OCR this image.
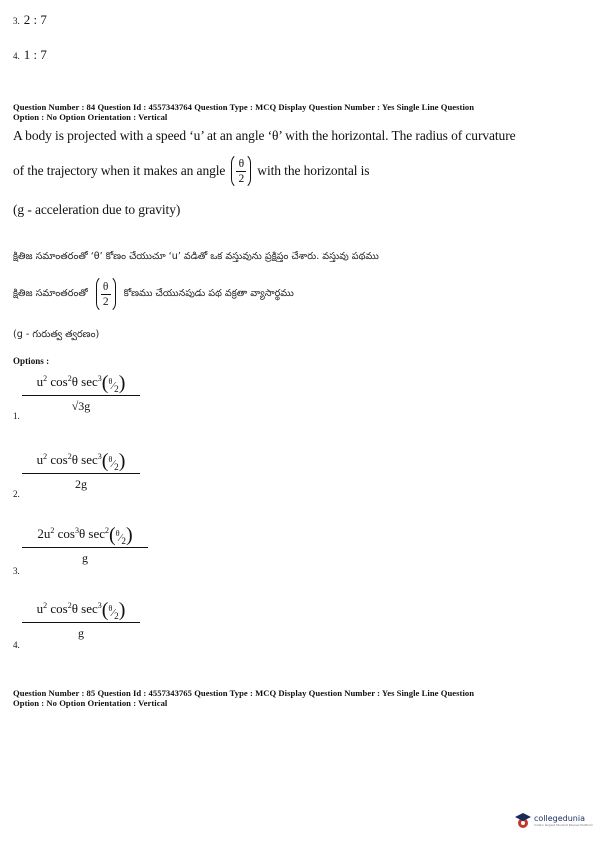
3. 2 : 7
4. 1 : 7
Question Number : 84 Question Id : 4557343764 Question Type : MCQ Display Question Number : Yes Single Line Question
Option : No Option Orientation : Vertical
A body is projected with a speed ‘u’ at an angle ‘θ’ with the horizontal. The radius of curvature
of the trajectory when it makes an angle $\frac{\theta}{2}$ with the horizontal is
(g - acceleration due to gravity)
క్షితిజ సమాంతరంతో ‘θ’ కోణం చేయుచూ ‘u’ వడితో ఒక వస్తువును ప్రక్షిప్తం చేశారు. వస్తువు పథము
క్షితిజ సమాంతరంతో $\frac{\theta}{2}$ కోణము చేయునపుడు పథ వక్రతా వ్యాసార్థము
(g - గురుత్వ త్వరణం)
Options :
$u^2$ $\cos^2\theta$ $\sec^3(^\theta⁄_2)$
√3g
1.
$u^2$ $\cos^2\theta$ $\sec^3(^\theta⁄_2)$
2g
2.
$2u^2$ $\cos^3\theta$ $\sec^2(^\theta⁄_2)$
g
3.
$u^2$ $\cos^2\theta$ $\sec^3(^\theta⁄_2)$
g
4.
Question Number : 85 Question Id : 4557343765 Question Type : MCQ Display Question Number : Yes Single Line Question
Option : No Option Orientation : Vertical
collegedunia
India's largest Student Review Platform
